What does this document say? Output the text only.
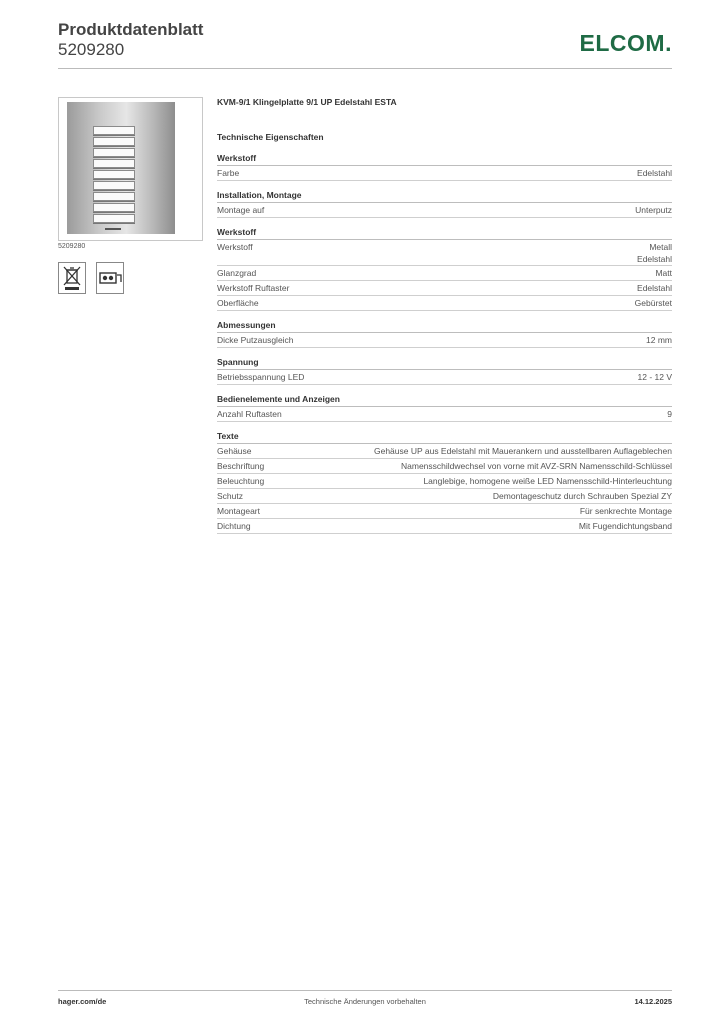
Produktdatenblatt
5209280	ELCOM.
5209280
KVM-9/1 Klingelplatte 9/1 UP Edelstahl ESTA
Technische Eigenschaften
Werkstoff
Farbe	Edelstahl
Installation, Montage
Montage auf	Unterputz
Werkstoff
Werkstoff	Metall
Edelstahl
Glanzgrad	Matt
Werkstoff Ruftaster	Edelstahl
Oberfläche	Gebürstet
Abmessungen
Dicke Putzausgleich	12 mm
Spannung
Betriebsspannung LED	12 - 12 V
Bedienelemente und Anzeigen
Anzahl Ruftasten	9
Texte
Gehäuse	Gehäuse UP aus Edelstahl mit Mauerankern und ausstellbaren Auflageblechen
Beschriftung	Namensschildwechsel von vorne mit AVZ-SRN Namensschild-Schlüssel
Beleuchtung	Langlebige, homogene weiße LED Namensschild-Hinterleuchtung
Schutz	Demontageschutz durch Schrauben Spezial ZY
Montageart	Für senkrechte Montage
Dichtung	Mit Fugendichtungsband
hager.com/de	Technische Änderungen vorbehalten	14.12.2025
